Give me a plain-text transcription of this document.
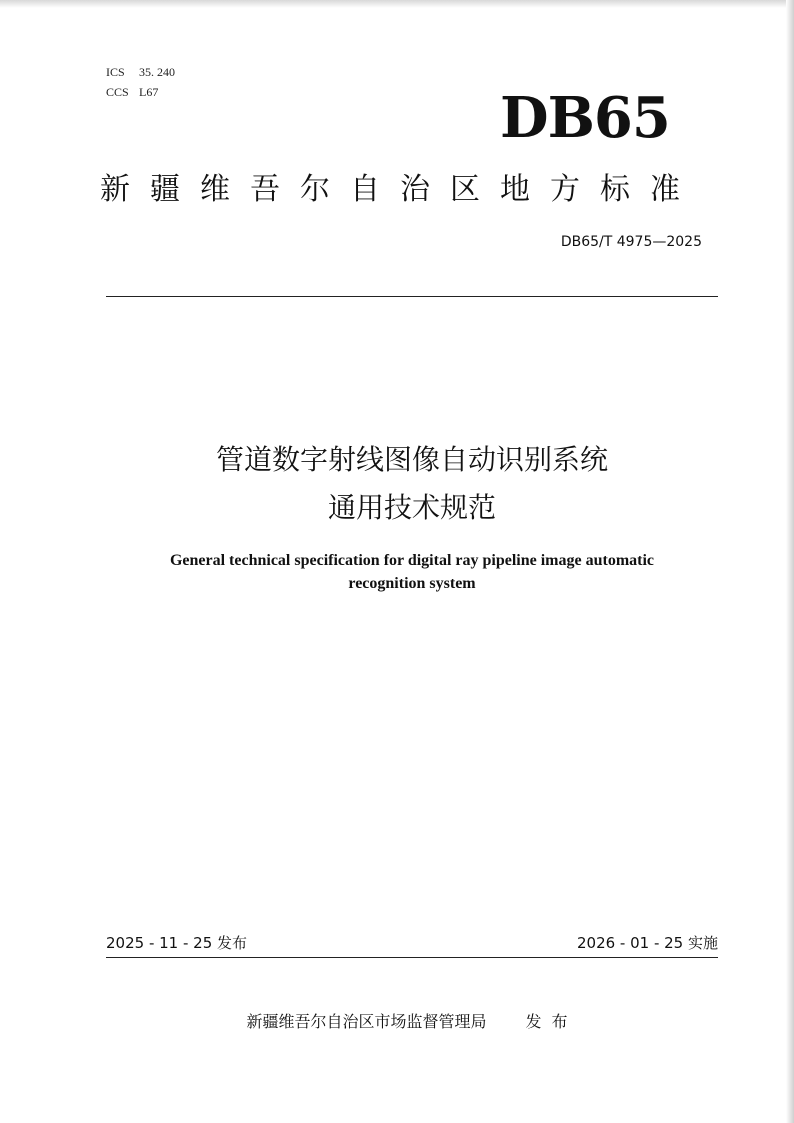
ICS 35. 240
CCS L67	DB65
新疆维吾尔自治区地方标准
DB65/T 4975—2025
管道数字射线图像自动识别系统
通用技术规范
General technical specification for digital ray pipeline image automatic
recognition system
2025 - 11 - 25 发布	2026 - 01 - 25 实施
新疆维吾尔自治区市场监督管理局 发布
